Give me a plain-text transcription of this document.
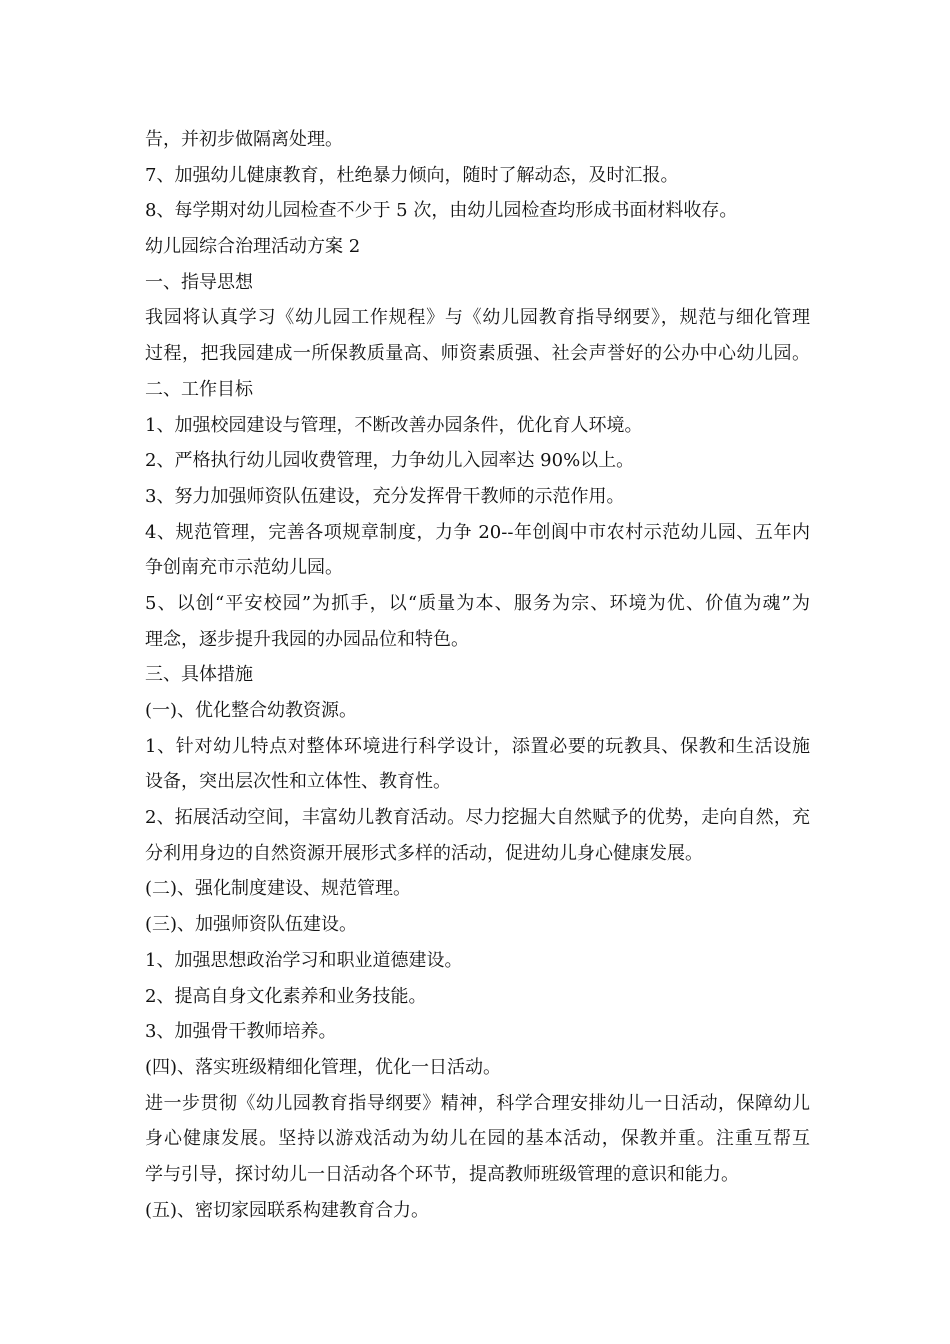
告，并初步做隔离处理。
7、加强幼儿健康教育，杜绝暴力倾向，随时了解动态，及时汇报。
8、每学期对幼儿园检查不少于 5 次，由幼儿园检查均形成书面材料收存。
幼儿园综合治理活动方案 2
一、指导思想
我园将认真学习《幼儿园工作规程》与《幼儿园教育指导纲要》，规范与细化管理
过程，把我园建成一所保教质量高、师资素质强、社会声誉好的公办中心幼儿园。
二、工作目标
1、加强校园建设与管理，不断改善办园条件，优化育人环境。
2、严格执行幼儿园收费管理，力争幼儿入园率达 90%以上。
3、努力加强师资队伍建设，充分发挥骨干教师的示范作用。
4、规范管理，完善各项规章制度，力争 20--年创阆中市农村示范幼儿园、五年内
争创南充市示范幼儿园。
5、以创“平安校园”为抓手，以“质量为本、服务为宗、环境为优、价值为魂”为
理念，逐步提升我园的办园品位和特色。
三、具体措施
(一)、优化整合幼教资源。
1、针对幼儿特点对整体环境进行科学设计，添置必要的玩教具、保教和生活设施
设备，突出层次性和立体性、教育性。
2、拓展活动空间，丰富幼儿教育活动。尽力挖掘大自然赋予的优势，走向自然，充
分利用身边的自然资源开展形式多样的活动，促进幼儿身心健康发展。
(二)、强化制度建设、规范管理。
(三)、加强师资队伍建设。
1、加强思想政治学习和职业道德建设。
2、提高自身文化素养和业务技能。
3、加强骨干教师培养。
(四)、落实班级精细化管理，优化一日活动。
进一步贯彻《幼儿园教育指导纲要》精神，科学合理安排幼儿一日活动，保障幼儿
身心健康发展。坚持以游戏活动为幼儿在园的基本活动，保教并重。注重互帮互
学与引导，探讨幼儿一日活动各个环节，提高教师班级管理的意识和能力。
(五)、密切家园联系构建教育合力。
